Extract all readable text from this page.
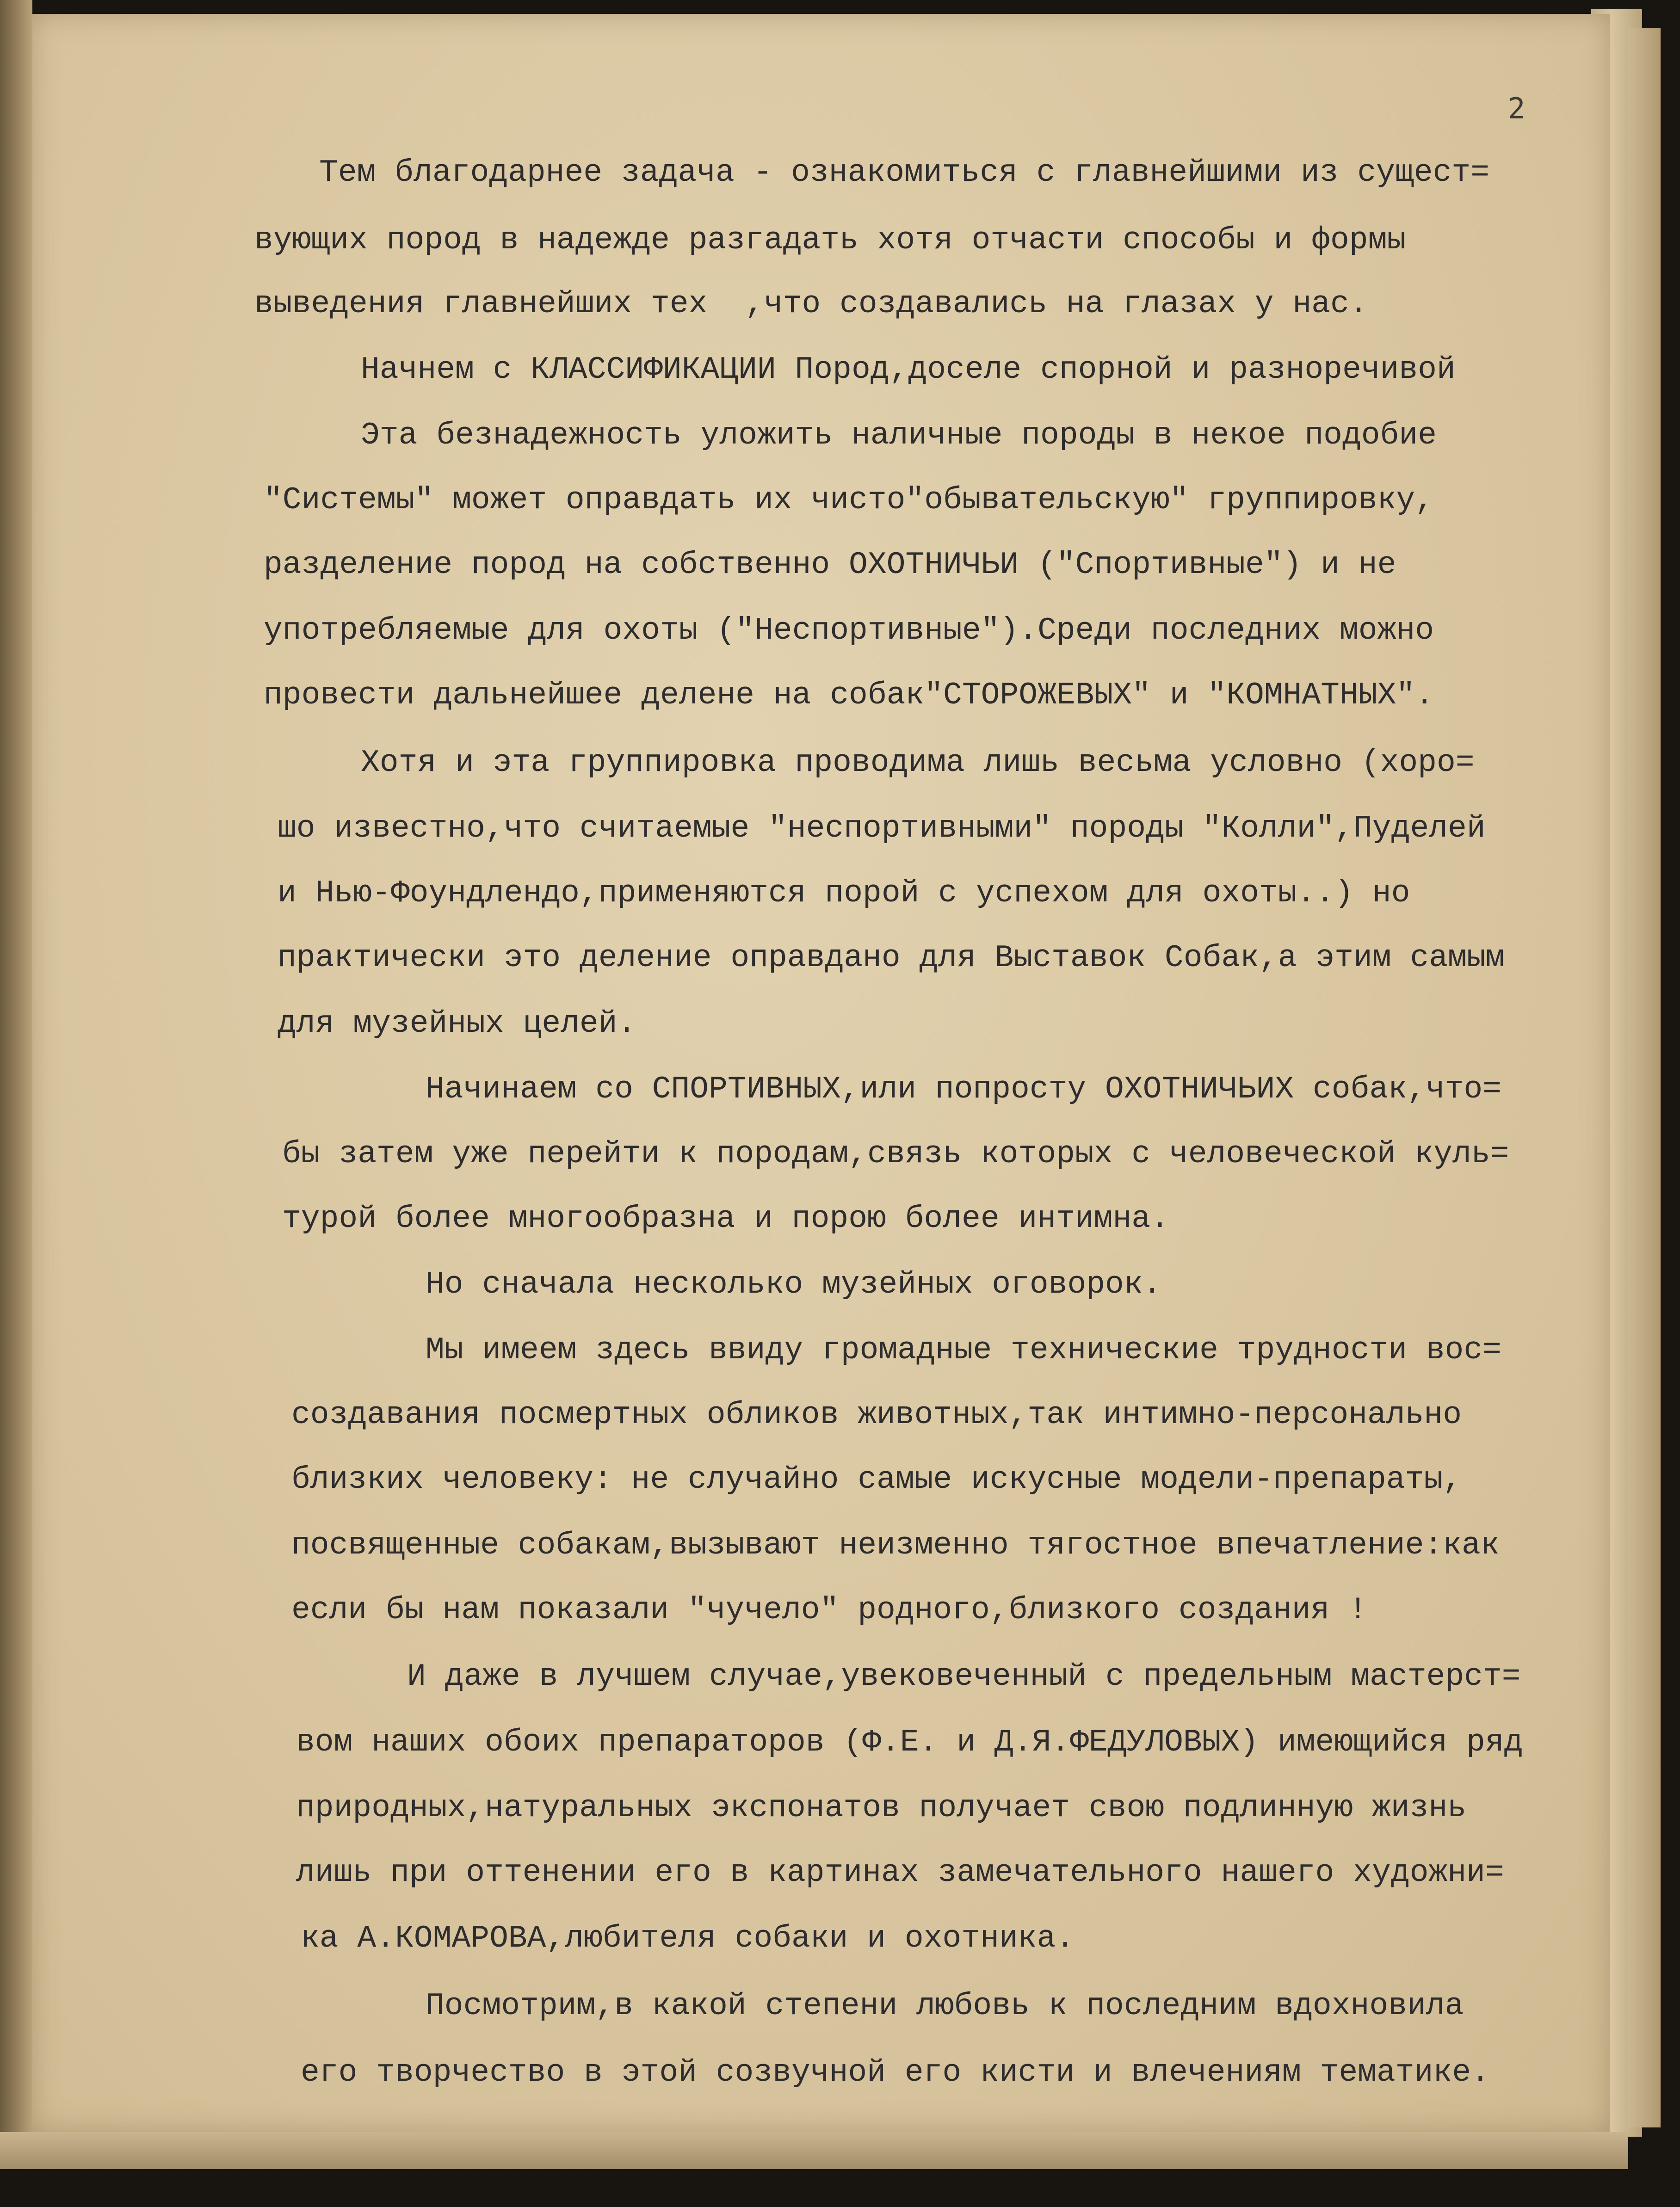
2

Тем благодарнее задача - ознакомиться с главнейшими из сущест=

вующих пород в надежде разгадать хотя отчасти способы и формы

выведения главнейших тех  ,что создавались на глазах у нас.

Начнем с КЛАССИФИКАЦИИ Пород,доселе спорной и разноречивой

Эта безнадежность уложить наличные породы в некое подобие

"Системы" может оправдать их чисто"обывательскую" группировку,

разделение пород на собственно ОХОТНИЧЬИ ("Спортивные") и не

употребляемые для охоты ("Неспортивные").Среди последних можно

провести дальнейшее делене на собак"СТОРОЖЕВЫХ" и "КОМНАТНЫХ".

Хотя и эта группировка проводима лишь весьма условно (хоро=

шо известно,что считаемые "неспортивными" породы "Колли",Пуделей

и Нью-Фоундлендо,применяются порой с успехом для охоты..) но

практически это деление оправдано для Выставок Собак,а этим самым

для музейных целей.

Начинаем со СПОРТИВНЫХ,или попросту ОХОТНИЧЬИХ собак,что=

бы затем уже перейти к породам,связь которых с человеческой куль=

турой более многообразна и порою более интимна.

Но сначала несколько музейных оговорок.

Мы имеем здесь ввиду громадные технические трудности вос=

создавания посмертных обликов животных,так интимно-персонально

близких человеку: не случайно самые искусные модели-препараты,

посвященные собакам,вызывают неизменно тягостное впечатление:как

если бы нам показали "чучело" родного,близкого создания !

И даже в лучшем случае,увековеченный с предельным мастерст=

вом наших обоих препараторов (Ф.Е. и Д.Я.ФЕДУЛОВЫХ) имеющийся ряд

природных,натуральных экспонатов получает свою подлинную жизнь

лишь при оттенении его в картинах замечательного нашего художни=

ка А.КОМАРОВА,любителя собаки и охотника.

Посмотрим,в какой степени любовь к последним вдохновила

его творчество в этой созвучной его кисти и влечениям тематике.
